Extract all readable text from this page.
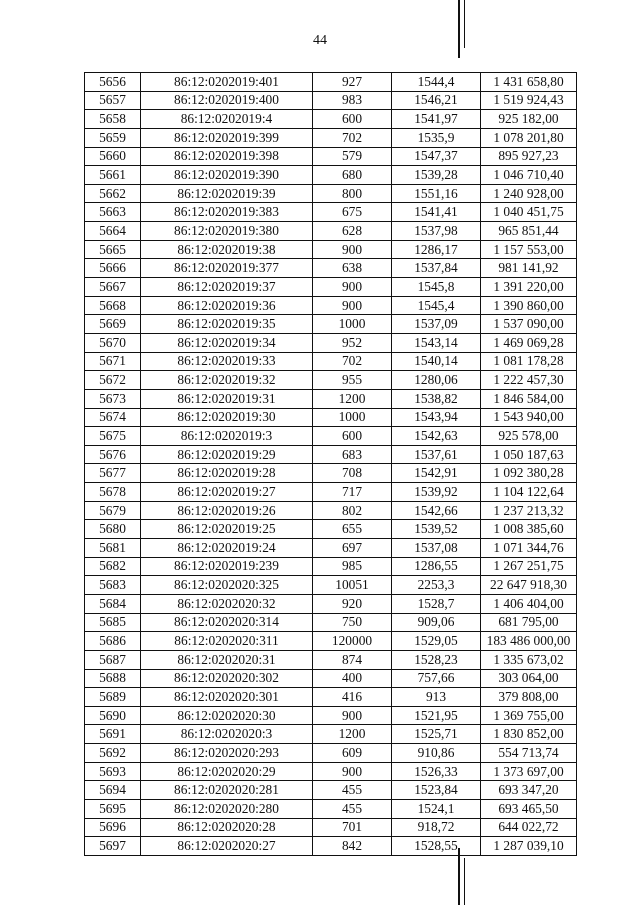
44
5656	86:12:0202019:401	927	1544,4	1 431 658,80
5657	86:12:0202019:400	983	1546,21	1 519 924,43
5658	86:12:0202019:4	600	1541,97	925 182,00
5659	86:12:0202019:399	702	1535,9	1 078 201,80
5660	86:12:0202019:398	579	1547,37	895 927,23
5661	86:12:0202019:390	680	1539,28	1 046 710,40
5662	86:12:0202019:39	800	1551,16	1 240 928,00
5663	86:12:0202019:383	675	1541,41	1 040 451,75
5664	86:12:0202019:380	628	1537,98	965 851,44
5665	86:12:0202019:38	900	1286,17	1 157 553,00
5666	86:12:0202019:377	638	1537,84	981 141,92
5667	86:12:0202019:37	900	1545,8	1 391 220,00
5668	86:12:0202019:36	900	1545,4	1 390 860,00
5669	86:12:0202019:35	1000	1537,09	1 537 090,00
5670	86:12:0202019:34	952	1543,14	1 469 069,28
5671	86:12:0202019:33	702	1540,14	1 081 178,28
5672	86:12:0202019:32	955	1280,06	1 222 457,30
5673	86:12:0202019:31	1200	1538,82	1 846 584,00
5674	86:12:0202019:30	1000	1543,94	1 543 940,00
5675	86:12:0202019:3	600	1542,63	925 578,00
5676	86:12:0202019:29	683	1537,61	1 050 187,63
5677	86:12:0202019:28	708	1542,91	1 092 380,28
5678	86:12:0202019:27	717	1539,92	1 104 122,64
5679	86:12:0202019:26	802	1542,66	1 237 213,32
5680	86:12:0202019:25	655	1539,52	1 008 385,60
5681	86:12:0202019:24	697	1537,08	1 071 344,76
5682	86:12:0202019:239	985	1286,55	1 267 251,75
5683	86:12:0202020:325	10051	2253,3	22 647 918,30
5684	86:12:0202020:32	920	1528,7	1 406 404,00
5685	86:12:0202020:314	750	909,06	681 795,00
5686	86:12:0202020:311	120000	1529,05	183 486 000,00
5687	86:12:0202020:31	874	1528,23	1 335 673,02
5688	86:12:0202020:302	400	757,66	303 064,00
5689	86:12:0202020:301	416	913	379 808,00
5690	86:12:0202020:30	900	1521,95	1 369 755,00
5691	86:12:0202020:3	1200	1525,71	1 830 852,00
5692	86:12:0202020:293	609	910,86	554 713,74
5693	86:12:0202020:29	900	1526,33	1 373 697,00
5694	86:12:0202020:281	455	1523,84	693 347,20
5695	86:12:0202020:280	455	1524,1	693 465,50
5696	86:12:0202020:28	701	918,72	644 022,72
5697	86:12:0202020:27	842	1528,55	1 287 039,10
